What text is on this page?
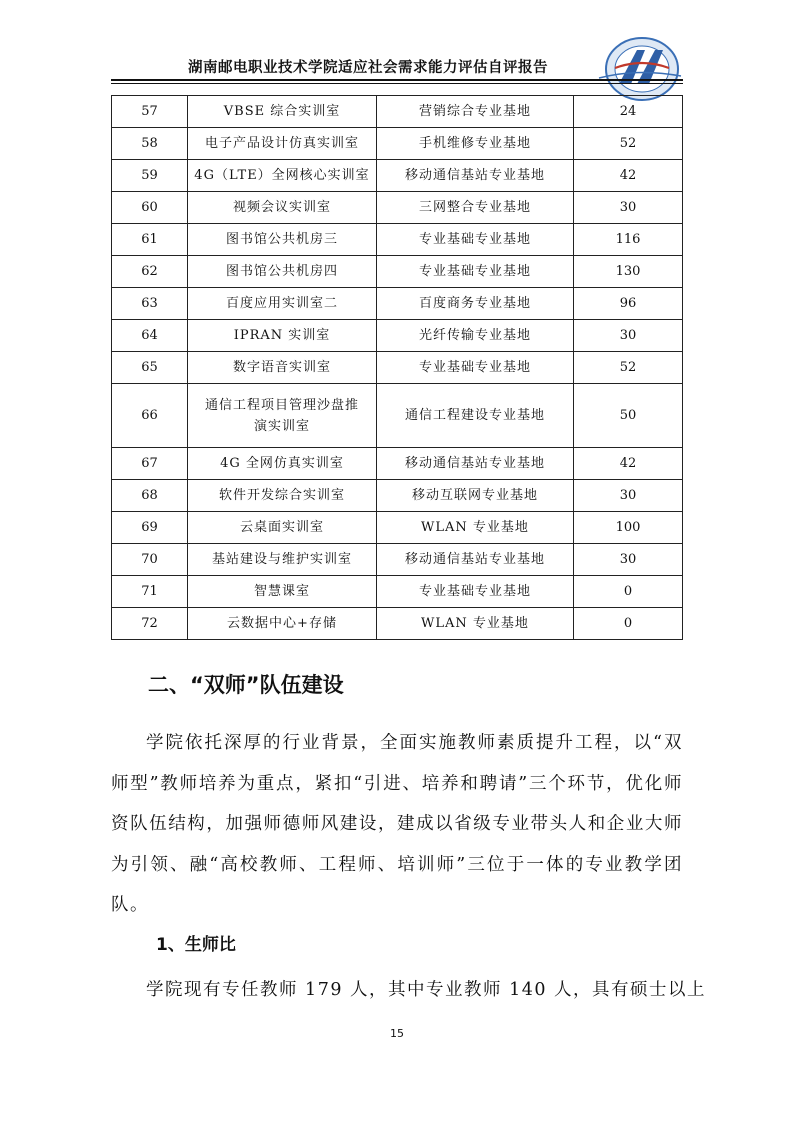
湖南邮电职业技术学院适应社会需求能力评估自评报告
57	VBSE 综合实训室	营销综合专业基地	24
58	电子产品设计仿真实训室	手机维修专业基地	52
59	4G（LTE）全网核心实训室	移动通信基站专业基地	42
60	视频会议实训室	三网整合专业基地	30
61	图书馆公共机房三	专业基础专业基地	116
62	图书馆公共机房四	专业基础专业基地	130
63	百度应用实训室二	百度商务专业基地	96
64	IPRAN 实训室	光纤传输专业基地	30
65	数字语音实训室	专业基础专业基地	52
66	通信工程项目管理沙盘推演实训室	通信工程建设专业基地	50
67	4G 全网仿真实训室	移动通信基站专业基地	42
68	软件开发综合实训室	移动互联网专业基地	30
69	云桌面实训室	WLAN 专业基地	100
70	基站建设与维护实训室	移动通信基站专业基地	30
71	智慧课室	专业基础专业基地	0
72	云数据中心+存储	WLAN 专业基地	0
二、“双师”队伍建设

学院依托深厚的行业背景，全面实施教师素质提升工程，以“双师型”教师培养为重点，紧扣“引进、培养和聘请”三个环节，优化师资队伍结构，加强师德师风建设，建成以省级专业带头人和企业大师为引领、融“高校教师、工程师、培训师”三位于一体的专业教学团队。

1、生师比

学院现有专任教师 179 人，其中专业教师 140 人，具有硕士以上

15
